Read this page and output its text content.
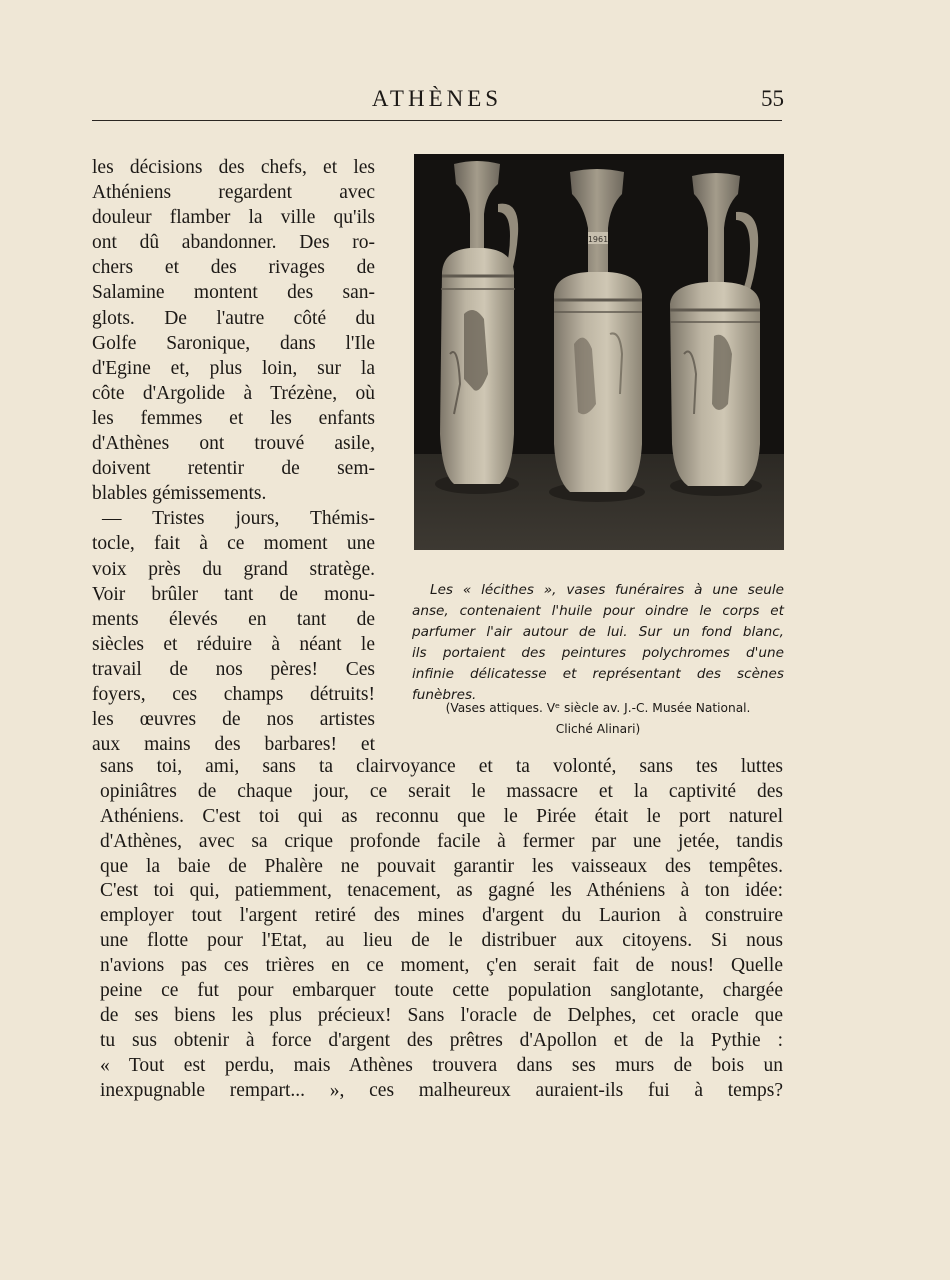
ATHÈNES	55
les décisions des chefs, et les
Athéniens regardent avec
douleur flamber la ville qu'ils
ont dû abandonner. Des ro-
chers et des rivages de
Salamine montent des san-
glots. De l'autre côté du
Golfe Saronique, dans l'Ile
d'Egine et, plus loin, sur la
côte d'Argolide à Trézène, où
les femmes et les enfants
d'Athènes ont trouvé asile,
doivent retentir de sem-
blables gémissements.
— Tristes jours, Thémis-
tocle, fait à ce moment une
voix près du grand stratège.
Voir brûler tant de monu-
ments élevés en tant de
siècles et réduire à néant le
travail de nos pères! Ces
foyers, ces champs détruits!
les œuvres de nos artistes
aux mains des barbares! et
1961
Les « lécithes », vases funéraires à une seule
anse, contenaient l'huile pour oindre le corps et
parfumer l'air autour de lui. Sur un fond blanc,
ils portaient des peintures polychromes d'une
infinie délicatesse et représentant des scènes
funèbres.
(Vases attiques. Vᵉ siècle av. J.-C. Musée National.
Cliché Alinari)
sans toi, ami, sans ta clairvoyance et ta volonté, sans tes luttes
opiniâtres de chaque jour, ce serait le massacre et la captivité des
Athéniens. C'est toi qui as reconnu que le Pirée était le port naturel
d'Athènes, avec sa crique profonde facile à fermer par une jetée, tandis
que la baie de Phalère ne pouvait garantir les vaisseaux des tempêtes.
C'est toi qui, patiemment, tenacement, as gagné les Athéniens à ton idée:
employer tout l'argent retiré des mines d'argent du Laurion à construire
une flotte pour l'Etat, au lieu de le distribuer aux citoyens. Si nous
n'avions pas ces trières en ce moment, ç'en serait fait de nous! Quelle
peine ce fut pour embarquer toute cette population sanglotante, chargée
de ses biens les plus précieux! Sans l'oracle de Delphes, cet oracle que
tu sus obtenir à force d'argent des prêtres d'Apollon et de la Pythie :
« Tout est perdu, mais Athènes trouvera dans ses murs de bois un
inexpugnable rempart... », ces malheureux auraient-ils fui à temps?
